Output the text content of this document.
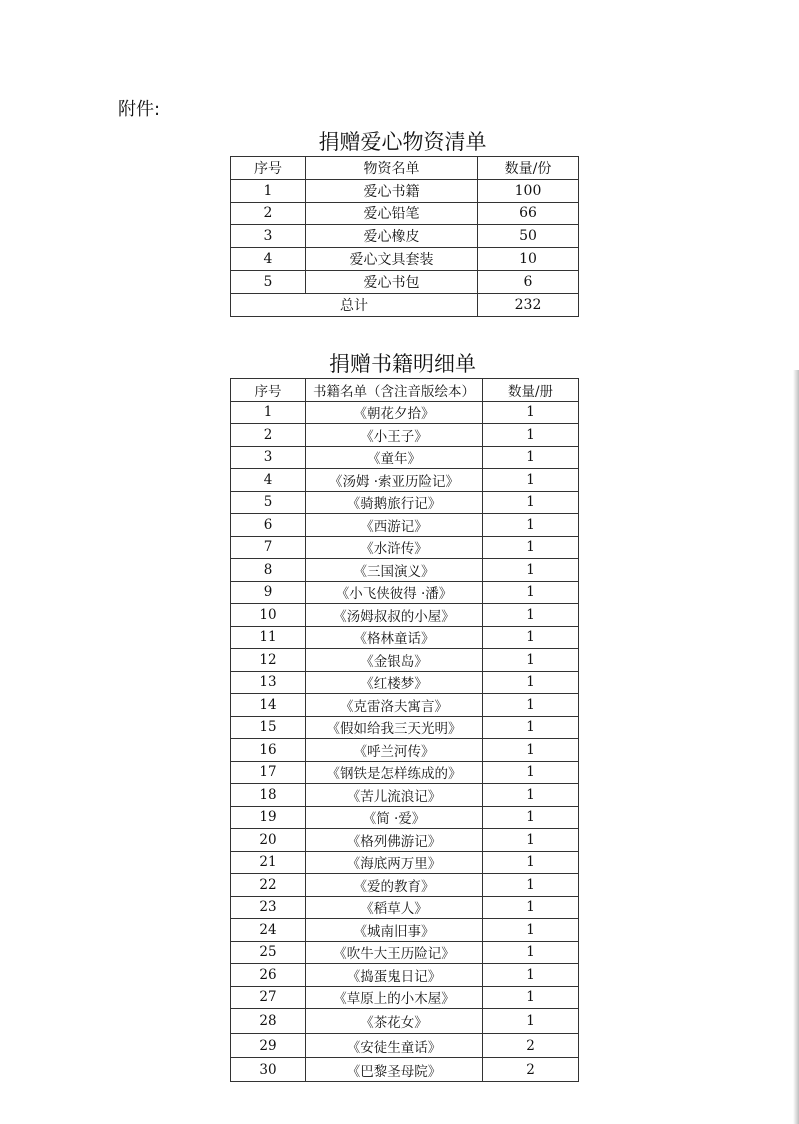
附件:
捐赠爱心物资清单
序号	物资名单	数量/份
1	爱心书籍	100
2	爱心铅笔	66
3	爱心橡皮	50
4	爱心文具套装	10
5	爱心书包	6
总计		232
捐赠书籍明细单
序号	书籍名单（含注音版绘本）	数量/册
1	《朝花夕拾》	1
2	《小王子》	1
3	《童年》	1
4	《汤姆 ·索亚历险记》	1
5	《骑鹅旅行记》	1
6	《西游记》	1
7	《水浒传》	1
8	《三国演义》	1
9	《小飞侠彼得 ·潘》	1
10	《汤姆叔叔的小屋》	1
11	《格林童话》	1
12	《金银岛》	1
13	《红楼梦》	1
14	《克雷洛夫寓言》	1
15	《假如给我三天光明》	1
16	《呼兰河传》	1
17	《钢铁是怎样练成的》	1
18	《苦儿流浪记》	1
19	《简 ·爱》	1
20	《格列佛游记》	1
21	《海底两万里》	1
22	《爱的教育》	1
23	《稻草人》	1
24	《城南旧事》	1
25	《吹牛大王历险记》	1
26	《捣蛋鬼日记》	1
27	《草原上的小木屋》	1
28	《茶花女》	1
29	《安徒生童话》	2
30	《巴黎圣母院》	2
